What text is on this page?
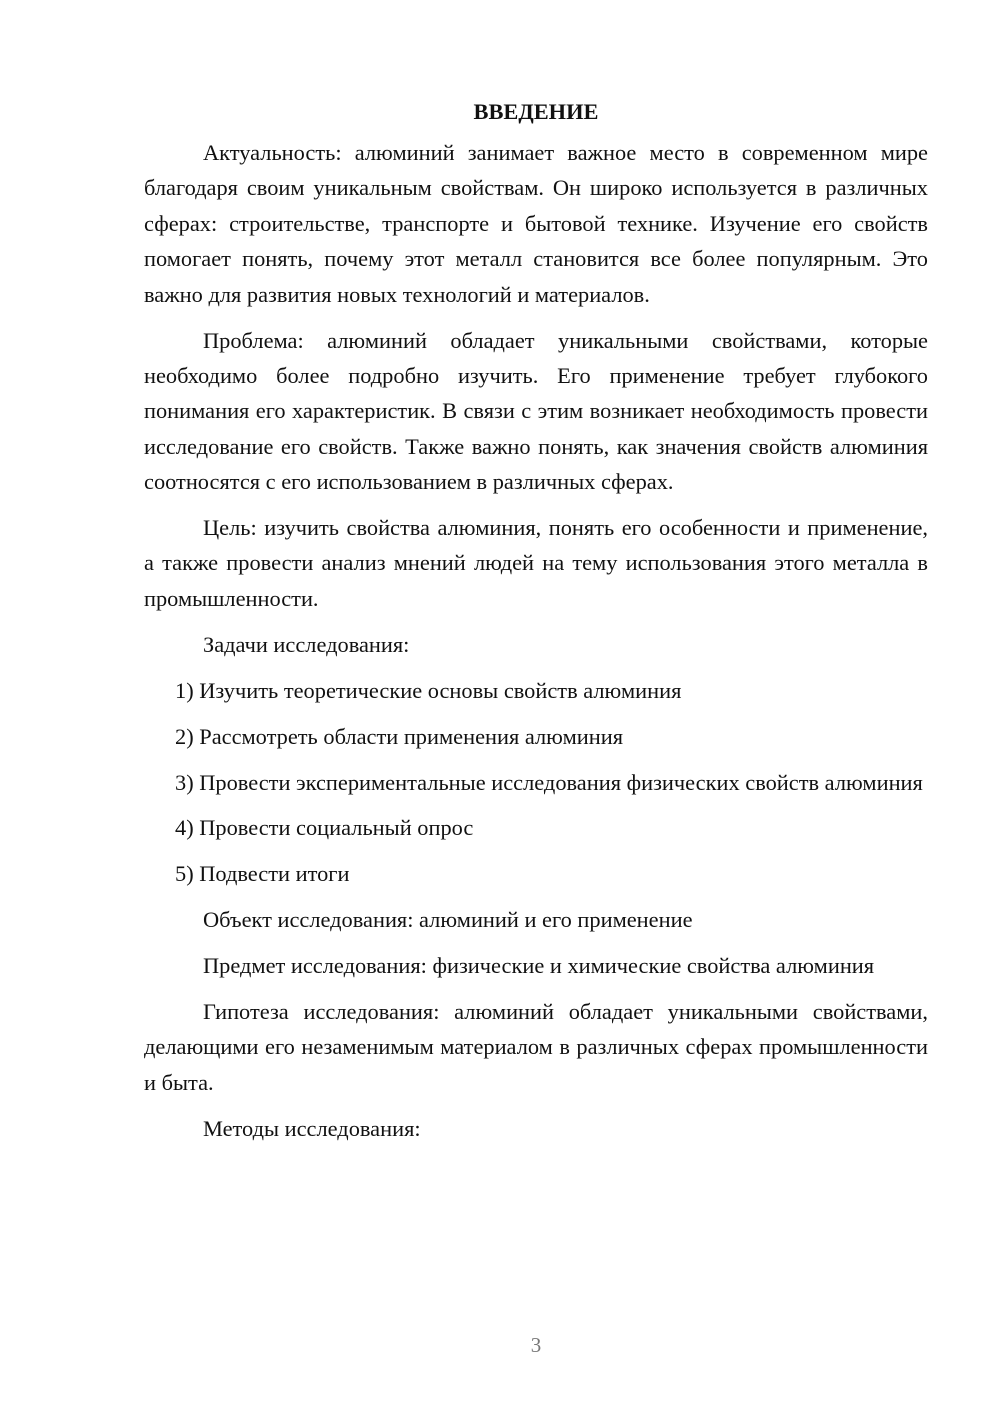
ВВЕДЕНИЕ

Актуальность: алюминий занимает важное место в современном мире благодаря своим уникальным свойствам. Он широко используется в различных сферах: строительстве, транспорте и бытовой технике. Изучение его свойств помогает понять, почему этот металл становится все более популярным. Это важно для развития новых технологий и материалов.

Проблема: алюминий обладает уникальными свойствами, которые необходимо более подробно изучить. Его применение требует глубокого понимания его характеристик. В связи с этим возникает необходимость провести исследование его свойств. Также важно понять, как значения свойств алюминия соотносятся с его использованием в различных сферах.

Цель: изучить свойства алюминия, понять его особенности и применение, а также провести анализ мнений людей на тему использования этого металла в промышленности.

Задачи исследования:

1) Изучить теоретические основы свойств алюминия

2) Рассмотреть области применения алюминия

3) Провести экспериментальные исследования физических свойств алюминия

4) Провести социальный опрос

5) Подвести итоги

Объект исследования: алюминий и его применение

Предмет исследования: физические и химические свойства алюминия

Гипотеза исследования: алюминий обладает уникальными свойствами, делающими его незаменимым материалом в различных сферах промышленности и быта.

Методы исследования:

3
